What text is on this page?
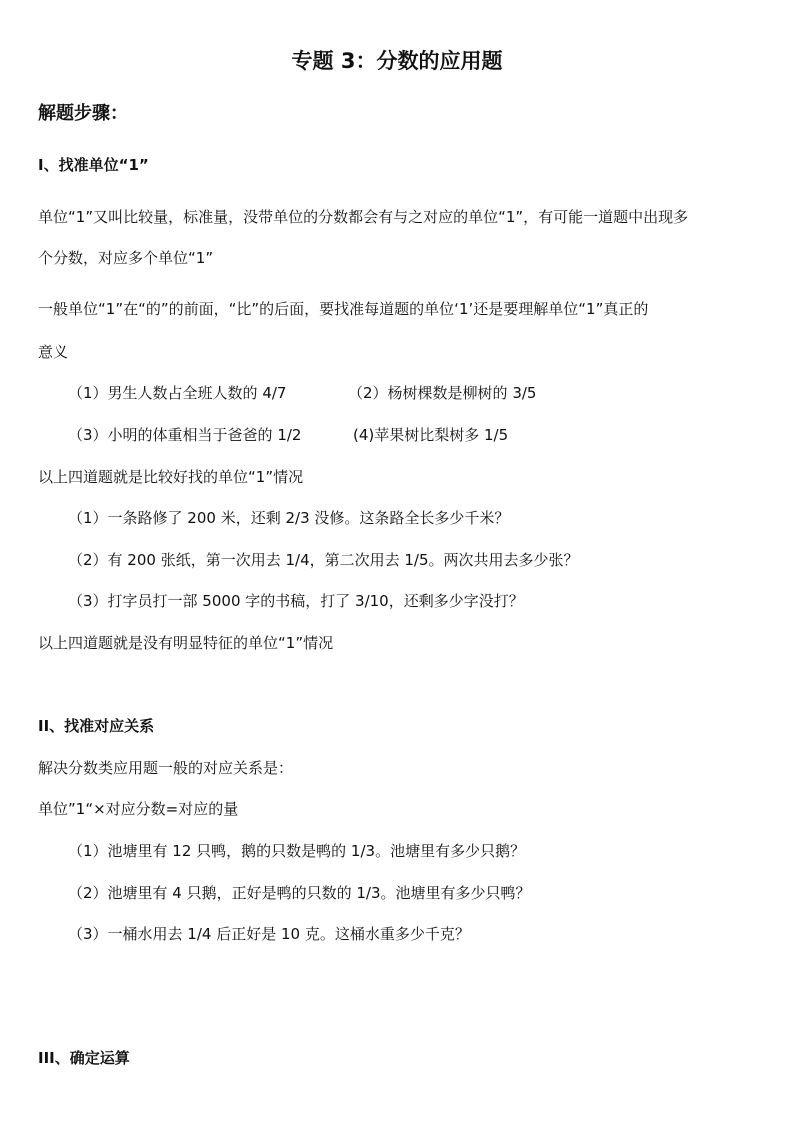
专题 3：分数的应用题
解题步骤：
I、找准单位“1”
单位“1”又叫比较量，标准量，没带单位的分数都会有与之对应的单位“1”，有可能一道题中出现多
个分数，对应多个单位“1”
一般单位“1”在“的”的前面，“比”的后面，要找准每道题的单位‘1’还是要理解单位“1”真正的
意义
（1）男生人数占全班人数的 4/7	（2）杨树棵数是柳树的 3/5
（3）小明的体重相当于爸爸的 1/2	(4)苹果树比梨树多 1/5
以上四道题就是比较好找的单位“1”情况
（1）一条路修了 200 米，还剩 2/3 没修。这条路全长多少千米？
（2）有 200 张纸，第一次用去 1/4，第二次用去 1/5。两次共用去多少张？
（3）打字员打一部 5000 字的书稿，打了 3/10，还剩多少字没打？
以上四道题就是没有明显特征的单位“1”情况
II、找准对应关系
解决分数类应用题一般的对应关系是：
单位”1“×对应分数=对应的量
（1）池塘里有 12 只鸭，鹅的只数是鸭的 1/3。池塘里有多少只鹅？
（2）池塘里有 4 只鹅，正好是鸭的只数的 1/3。池塘里有多少只鸭？
（3）一桶水用去 1/4 后正好是 10 克。这桶水重多少千克？
III、确定运算
